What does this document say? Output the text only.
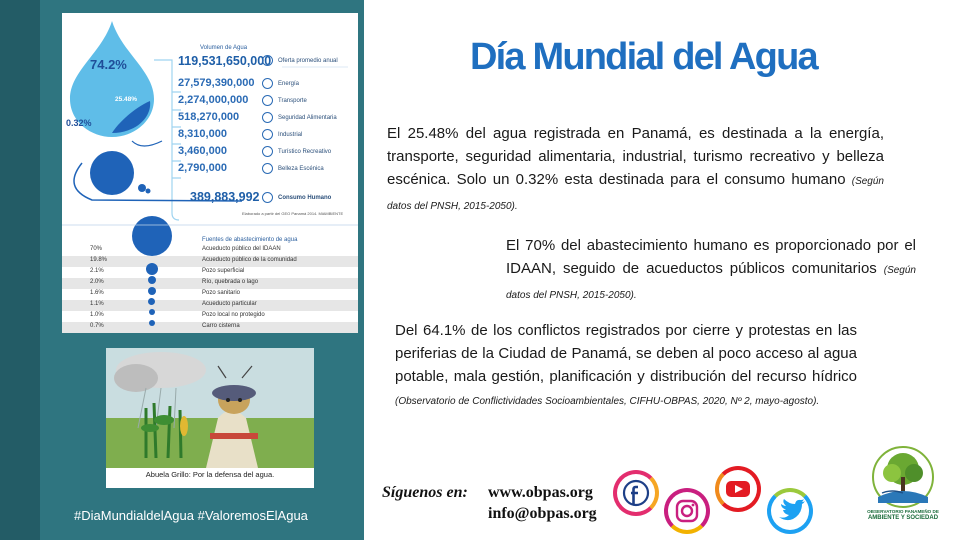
Volumen de Agua
74.2%
25.48%
0.32%
119,531,650,000 Oferta promedio anual
27,579,390,000	Energía
2,274,000,000	Transporte
518,270,000	Seguridad Alimentaria
8,310,000	Industrial
3,460,000	Turístico Recreativo
2,790,000	Belleza Escénica
389,883,992	Consumo Humano
Elaborado a partir del GEO Panamá 2014. MiAMBIENTE
Fuentes de abastecimiento de agua
70%	Acueducto público del IDAAN
19.8%	Acueducto público de la comunidad
2.1%	Pozo superficial
2.0%	Río, quebrada o lago
1.6%	Pozo sanitario
1.1%	Acueducto particular
1.0%	Pozo local no protegido
0.7%	Carro cisterna
Abuela Grillo: Por la defensa del agua.
#DiaMundialdelAgua #ValoremosElAgua
Día Mundial del Agua
El 25.48% del agua registrada en Panamá, es destinada a la energía, transporte, seguridad alimentaria, industrial, turismo recreativo y belleza escénica. Solo un 0.32% esta destinada para el consumo humano (Según datos del PNSH, 2015-2050).
El 70% del abastecimiento humano es proporcionado por el IDAAN, seguido de acueductos públicos comunitarios (Según datos del PNSH, 2015-2050).
Del 64.1% de los conflictos registrados por cierre y protestas en las periferias de la Ciudad de Panamá, se deben al poco acceso al agua potable, mala gestión, planificación y distribución del recurso hídrico (Observatorio de Conflictividades Socioambientales, CIFHU-OBPAS, 2020, Nº 2, mayo-agosto).
Síguenos en: www.obpas.org
info@obpas.org	OBSERVATORIO PANAMEÑO DE
AMBIENTE Y SOCIEDAD
